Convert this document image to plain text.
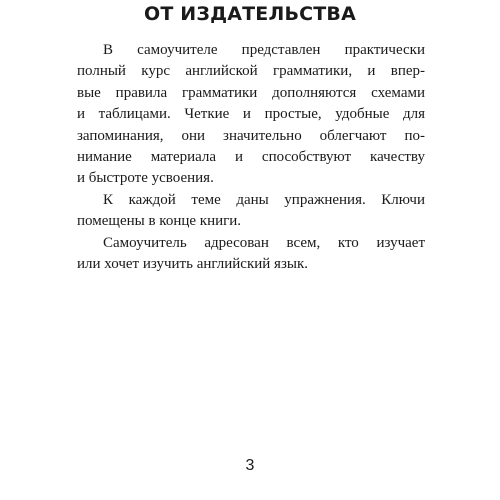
ОТ ИЗДАТЕЛЬСТВА
В самоучителе представлен практически
полный курс английской грамматики, и впер-
вые правила грамматики дополняются схемами
и таблицами. Четкие и простые, удобные для
запоминания, они значительно облегчают по-
нимание материала и способствуют качеству
и быстроте усвоения.
К каждой теме даны упражнения. Ключи
помещены в конце книги.
Самоучитель адресован всем, кто изучает
или хочет изучить английский язык.
3
